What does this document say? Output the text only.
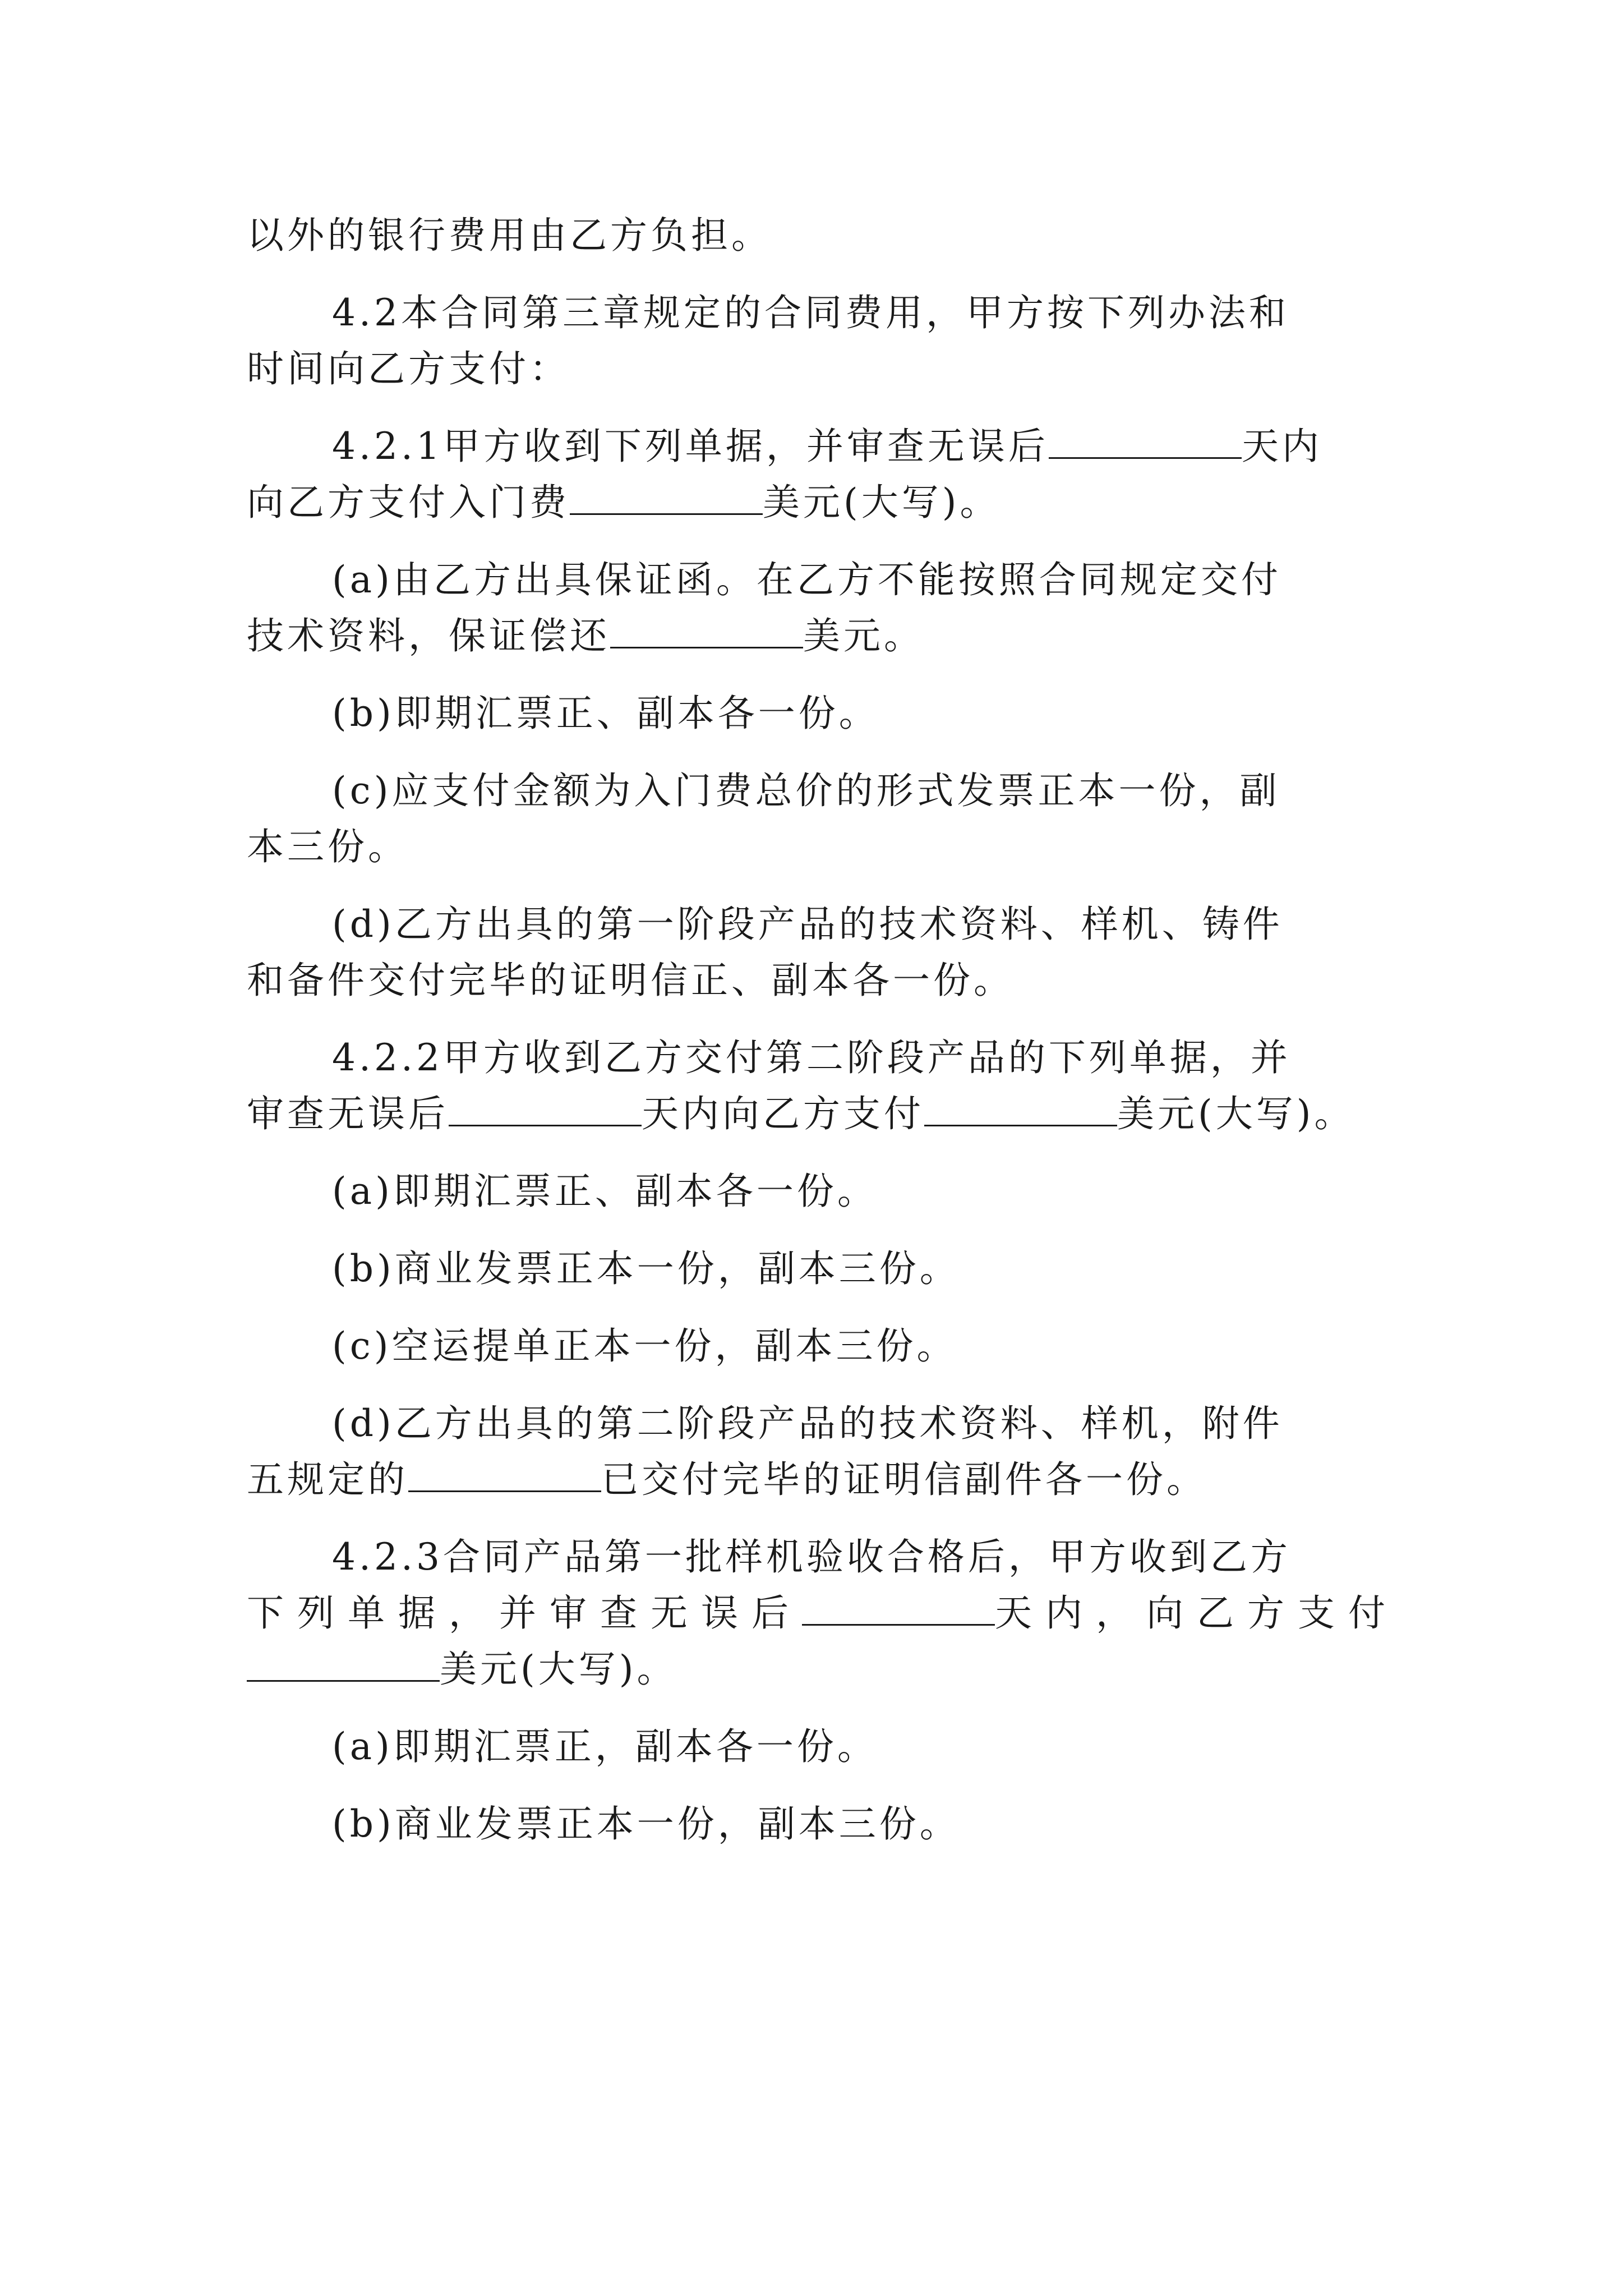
以外的银行费用由乙方负担。
4.2本合同第三章规定的合同费用，甲方按下列办法和
时间向乙方支付：
4.2.1甲方收到下列单据，并审查无误后	天内
向乙方支付入门费	美元(大写)。
(a)由乙方出具保证函。在乙方不能按照合同规定交付
技术资料，保证偿还	美元。
(b)即期汇票正、副本各一份。
(c)应支付金额为入门费总价的形式发票正本一份，副
本三份。
(d)乙方出具的第一阶段产品的技术资料、样机、铸件
和备件交付完毕的证明信正、副本各一份。
4.2.2甲方收到乙方交付第二阶段产品的下列单据，并
审查无误后	天内向乙方支付	美元(大写)。
(a)即期汇票正、副本各一份。
(b)商业发票正本一份，副本三份。
(c)空运提单正本一份，副本三份。
(d)乙方出具的第二阶段产品的技术资料、样机，附件
五规定的	已交付完毕的证明信副件各一份。
4.2.3合同产品第一批样机验收合格后，甲方收到乙方
下列单据，并审查无误后	天内，向乙方支付
美元(大写)。
(a)即期汇票正，副本各一份。
(b)商业发票正本一份，副本三份。
